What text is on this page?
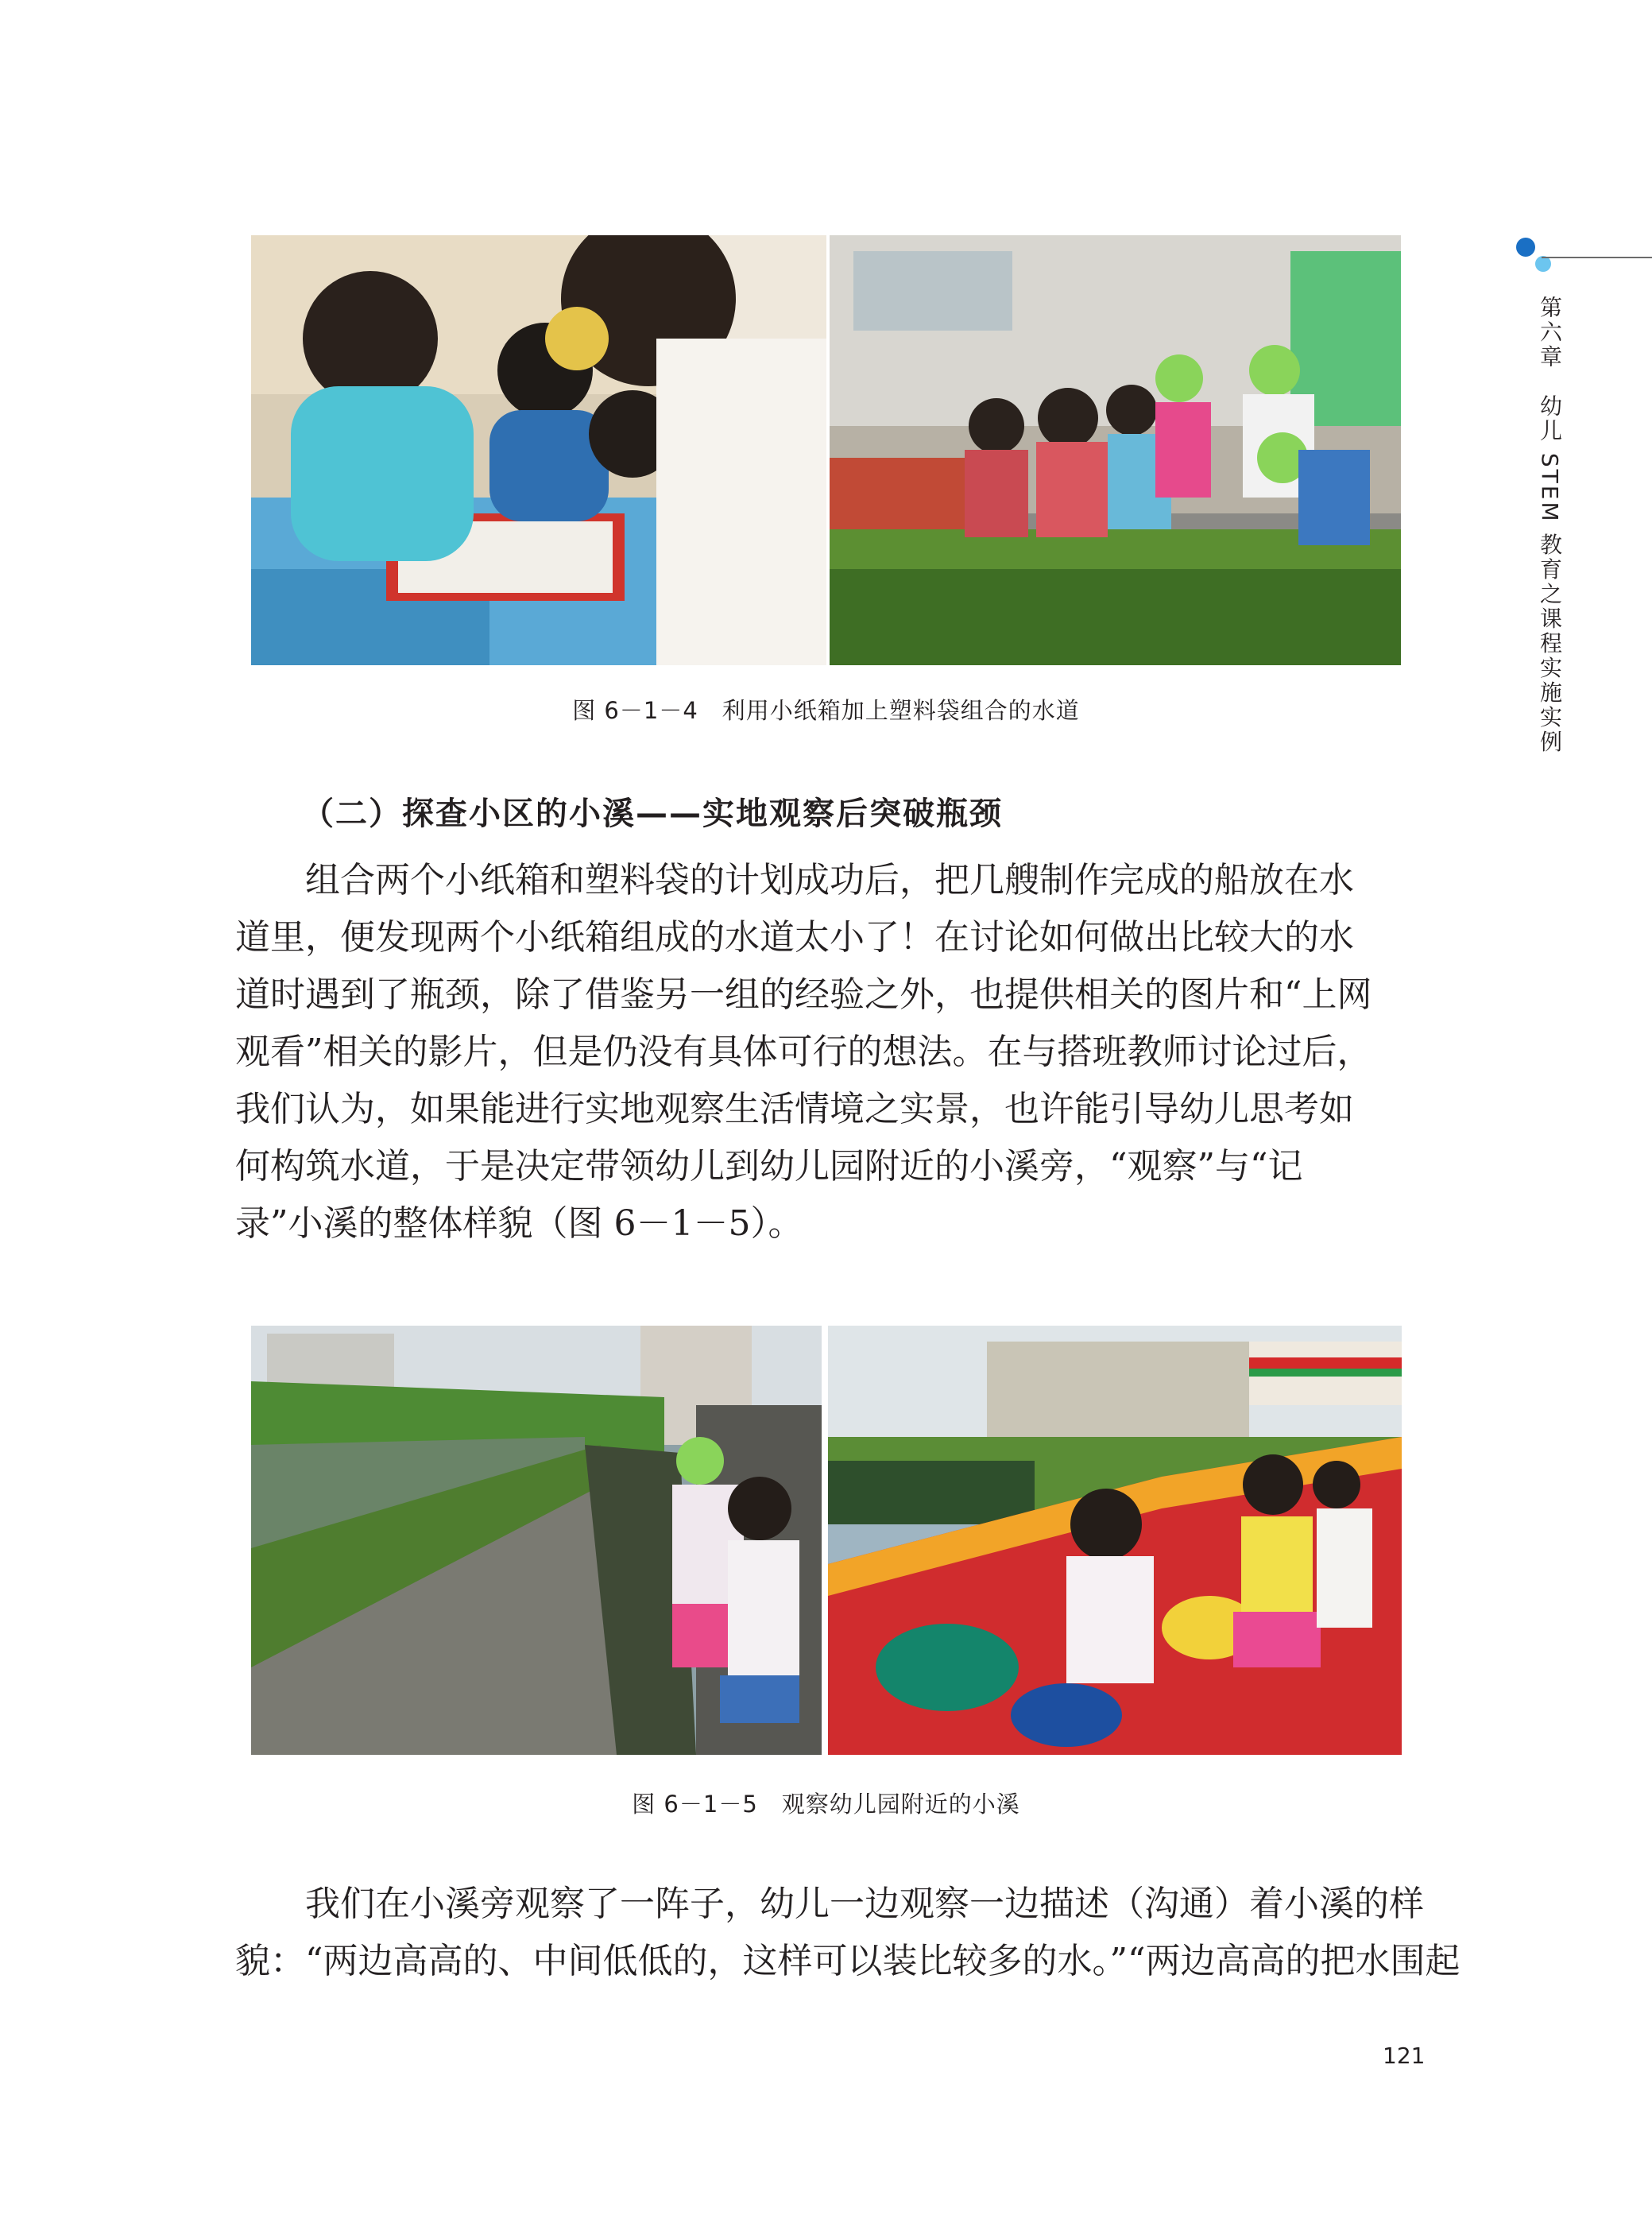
图 6－1－4　利用小纸箱加上塑料袋组合的水道
（二）探查小区的小溪——实地观察后突破瓶颈

组合两个小纸箱和塑料袋的计划成功后，把几艘制作完成的船放在水
道里，便发现两个小纸箱组成的水道太小了！在讨论如何做出比较大的水
道时遇到了瓶颈，除了借鉴另一组的经验之外，也提供相关的图片和“上网
观看”相关的影片，但是仍没有具体可行的想法。在与搭班教师讨论过后，
我们认为，如果能进行实地观察生活情境之实景，也许能引导幼儿思考如
何构筑水道，于是决定带领幼儿到幼儿园附近的小溪旁，“观察”与“记
录”小溪的整体样貌（图 6－1－5）。

图 6－1－5　观察幼儿园附近的小溪

我们在小溪旁观察了一阵子，幼儿一边观察一边描述（沟通）着小溪的样
貌：“两边高高的、中间低低的，这样可以装比较多的水。”“两边高高的把水围起

121
第六章　幼儿 STEM 教育之课程实施实例
